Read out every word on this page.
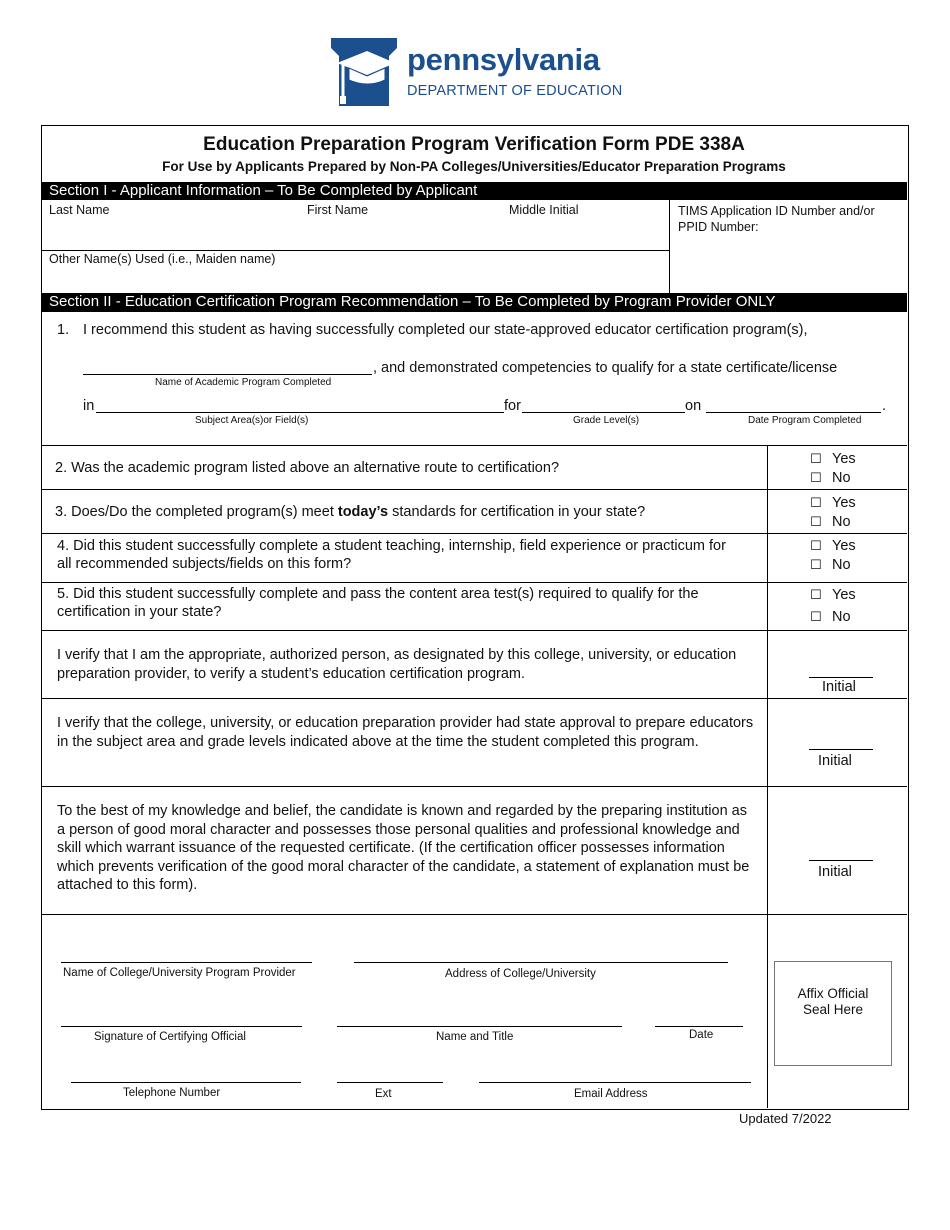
pennsylvania
DEPARTMENT OF EDUCATION
Education Preparation Program Verification Form PDE 338A
For Use by Applicants Prepared by Non-PA Colleges/Universities/Educator Preparation Programs
Section I - Applicant Information – To Be Completed by Applicant
Last Name	First Name	Middle Initial	TIMS Application ID Number and/or PPID Number:
Other Name(s) Used (i.e., Maiden name)
Section II - Education Certification Program Recommendation – To Be Completed by Program Provider ONLY
1. I recommend this student as having successfully completed our state-approved educator certification program(s),
, and demonstrated competencies to qualify for a state certificate/license
Name of Academic Program Completed
in	for	on	.
Subject Area(s)or Field(s)	Grade Level(s)	Date Program Completed
2. Was the academic program listed above an alternative route to certification?
☐ Yes
☐ No
3. Does/Do the completed program(s) meet today’s standards for certification in your state?
☐ Yes
☐ No
4. Did this student successfully complete a student teaching, internship, field experience or practicum for all recommended subjects/fields on this form?
☐ Yes
☐ No
5. Did this student successfully complete and pass the content area test(s) required to qualify for the certification in your state?
☐ Yes
☐ No
I verify that I am the appropriate, authorized person, as designated by this college, university, or education preparation provider, to verify a student’s education certification program.
Initial
I verify that the college, university, or education preparation provider had state approval to prepare educators in the subject area and grade levels indicated above at the time the student completed this program.
Initial
To the best of my knowledge and belief, the candidate is known and regarded by the preparing institution as a person of good moral character and possesses those personal qualities and professional knowledge and skill which warrant issuance of the requested certificate. (If the certification officer possesses information which prevents verification of the good moral character of the candidate, a statement of explanation must be attached to this form).
Initial
Name of College/University Program Provider	Address of College/University
Signature of Certifying Official	Name and Title	Date
Telephone Number	Ext	Email Address
Affix Official Seal Here
Updated 7/2022
